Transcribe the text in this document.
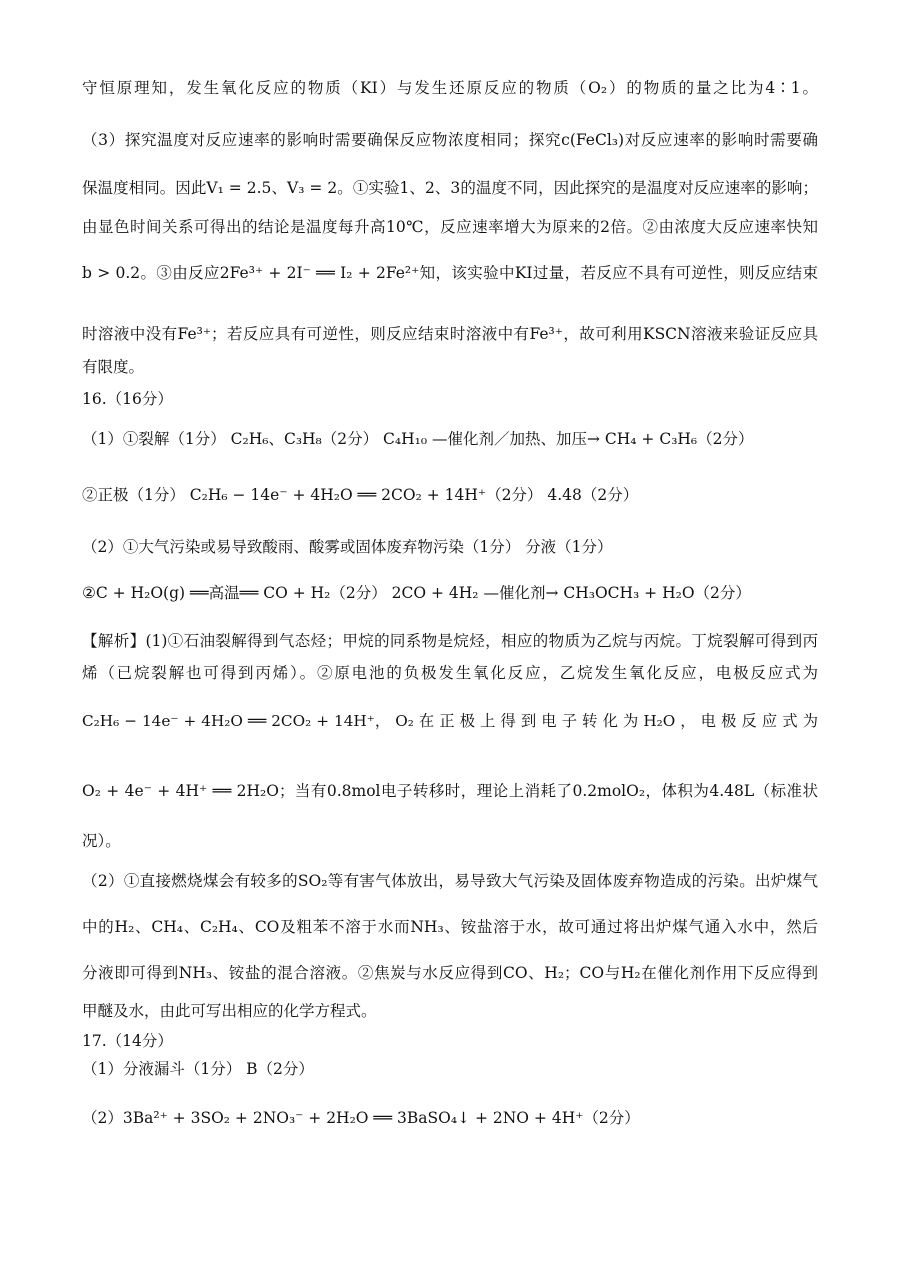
守恒原理知，发生氧化反应的物质（KI）与发生还原反应的物质（O₂）的物质的量之比为4∶1。
（3）探究温度对反应速率的影响时需要确保反应物浓度相同；探究c(FeCl₃)对反应速率的影响时需要确
保温度相同。因此V₁ = 2.5、V₃ = 2。①实验1、2、3的温度不同，因此探究的是温度对反应速率的影响；
由显色时间关系可得出的结论是温度每升高10℃，反应速率增大为原来的2倍。②由浓度大反应速率快知
b > 0.2。③由反应2Fe³⁺ + 2I⁻ ══ I₂ + 2Fe²⁺知，该实验中KI过量，若反应不具有可逆性，则反应结束
时溶液中没有Fe³⁺；若反应具有可逆性，则反应结束时溶液中有Fe³⁺，故可利用KSCN溶液来验证反应具
有限度。
16.（16分）
（1）①裂解（1分） C₂H₆、C₃H₈（2分） C₄H₁₀ —催化剂／加热、加压→ CH₄ + C₃H₆（2分）
②正极（1分） C₂H₆ − 14e⁻ + 4H₂O ══ 2CO₂ + 14H⁺（2分） 4.48（2分）
（2）①大气污染或易导致酸雨、酸雾或固体废弃物污染（1分） 分液（1分）
②C + H₂O(g) ══高温══ CO + H₂（2分） 2CO + 4H₂ —催化剂→ CH₃OCH₃ + H₂O（2分）
【解析】(1)①石油裂解得到气态烃；甲烷的同系物是烷烃，相应的物质为乙烷与丙烷。丁烷裂解可得到丙
烯（已烷裂解也可得到丙烯）。②原电池的负极发生氧化反应，乙烷发生氧化反应，电极反应式为
C₂H₆ − 14e⁻ + 4H₂O ══ 2CO₂ + 14H⁺， O₂ 在 正 极 上 得 到 电 子 转 化 为 H₂O ， 电 极 反 应 式 为
O₂ + 4e⁻ + 4H⁺ ══ 2H₂O；当有0.8mol电子转移时，理论上消耗了0.2molO₂，体积为4.48L（标准状
况）。
（2）①直接燃烧煤会有较多的SO₂等有害气体放出，易导致大气污染及固体废弃物造成的污染。出炉煤气
中的H₂、CH₄、C₂H₄、CO及粗苯不溶于水而NH₃、铵盐溶于水，故可通过将出炉煤气通入水中，然后
分液即可得到NH₃、铵盐的混合溶液。②焦炭与水反应得到CO、H₂；CO与H₂在催化剂作用下反应得到
甲醚及水，由此可写出相应的化学方程式。
17.（14分）
（1）分液漏斗（1分） B（2分）
（2）3Ba²⁺ + 3SO₂ + 2NO₃⁻ + 2H₂O ══ 3BaSO₄↓ + 2NO + 4H⁺（2分）
